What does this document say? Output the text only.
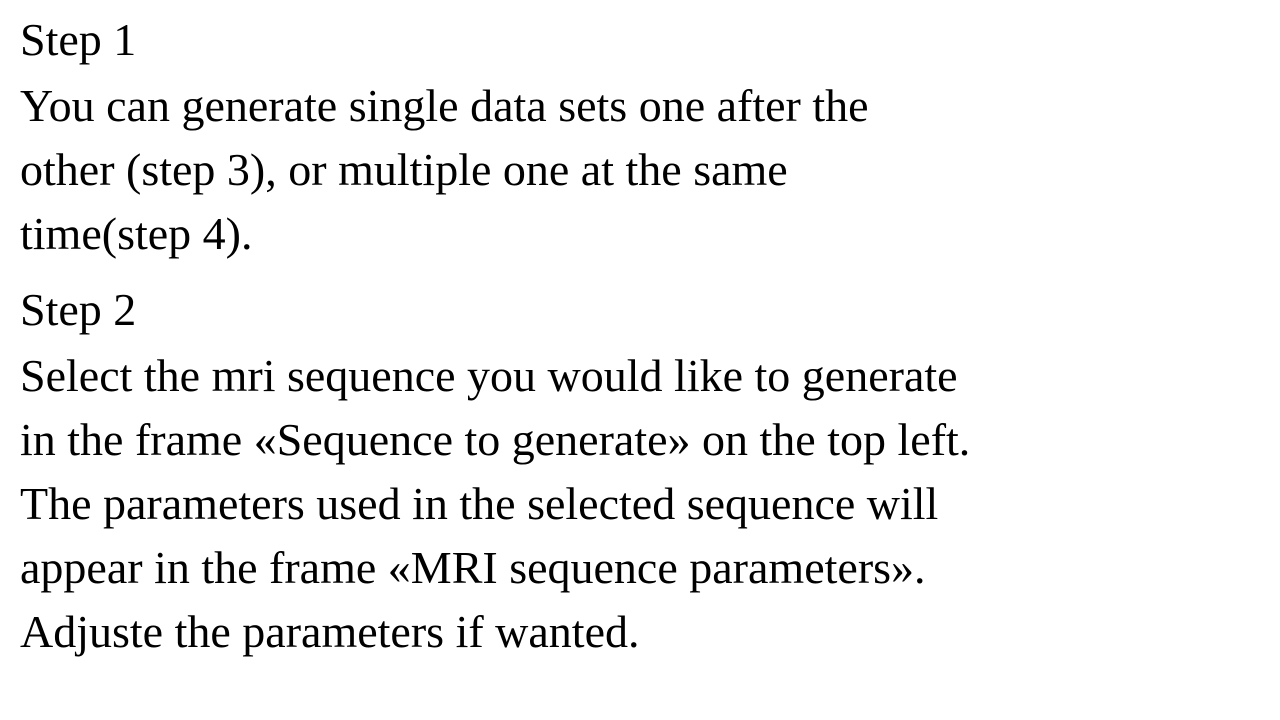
Step 1

You can generate single data sets one after the
other (step 3), or multiple one at the same
time(step 4).

Step 2

Select the mri sequence you would like to generate
in the frame «Sequence to generate» on the top left.
The parameters used in the selected sequence will
appear in the frame «MRI sequence parameters».
Adjuste the parameters if wanted.
